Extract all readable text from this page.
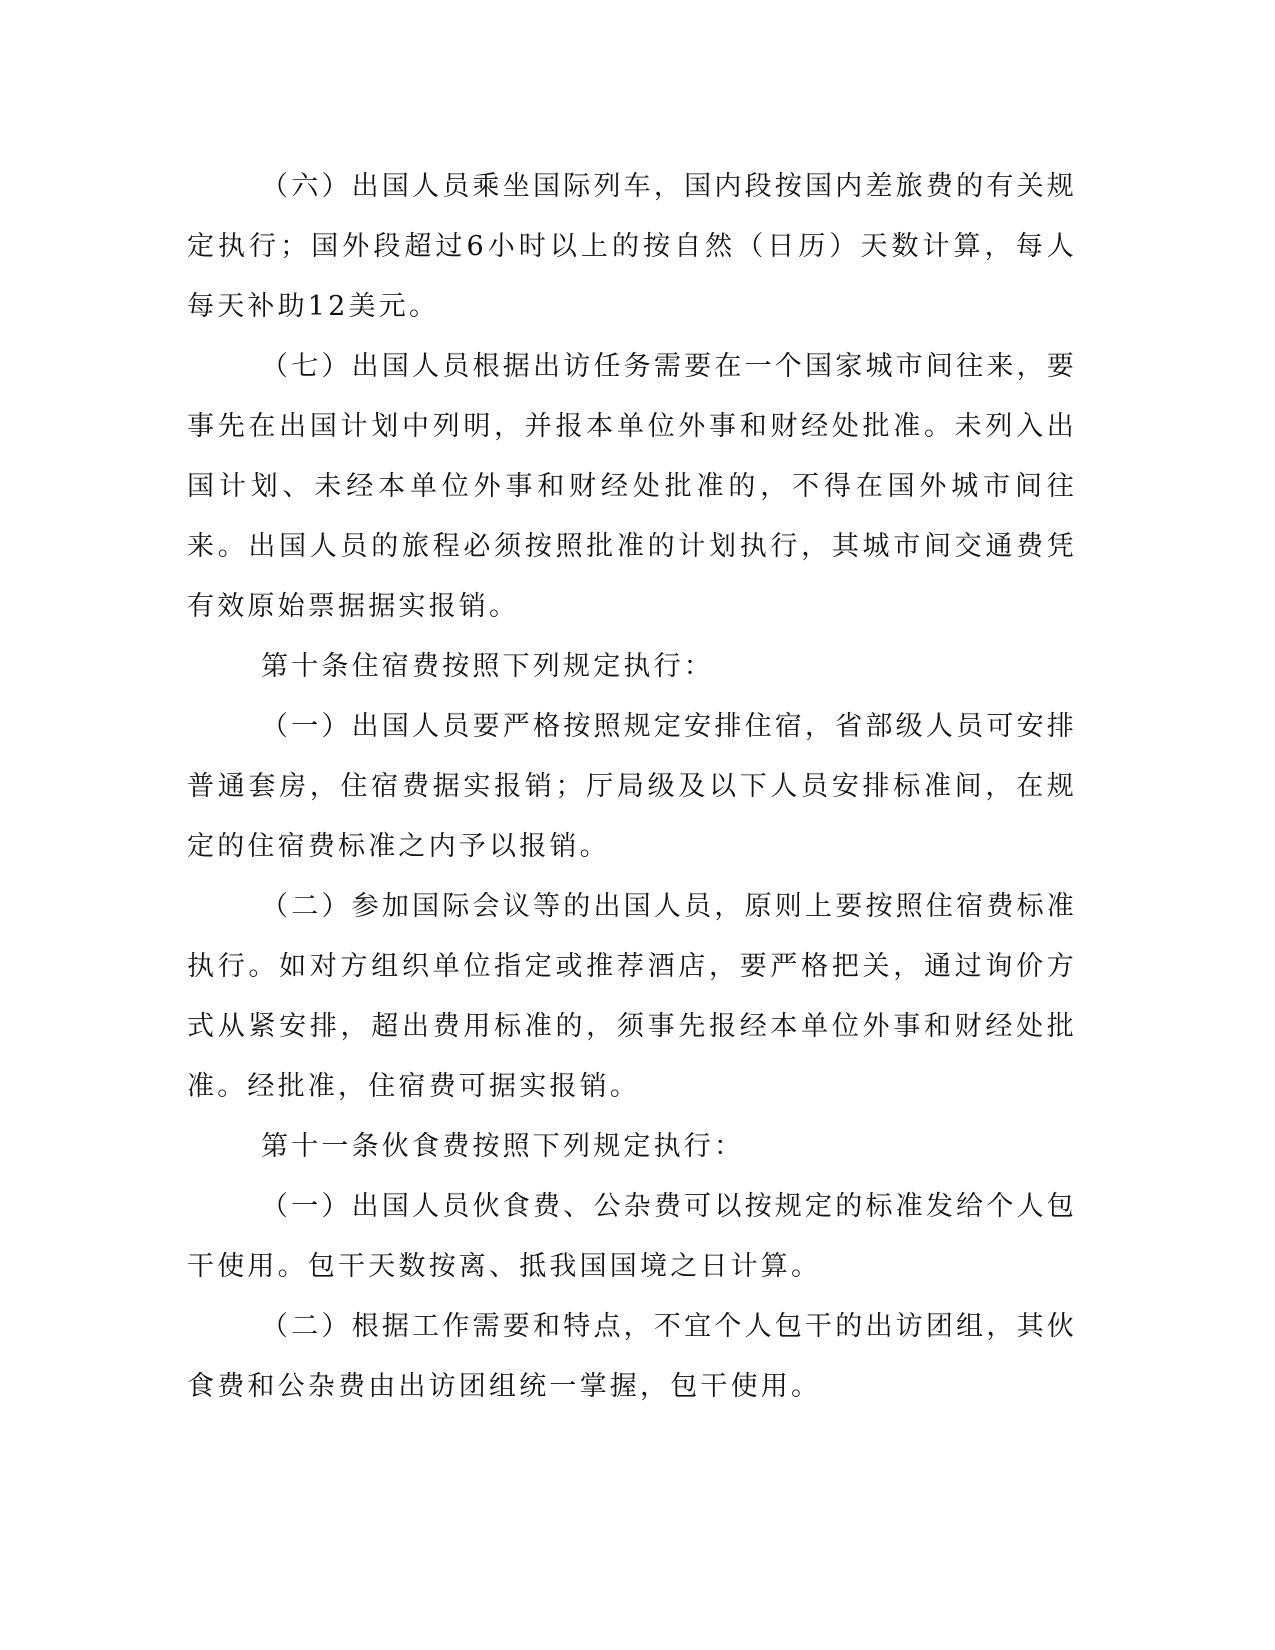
（六）出国人员乘坐国际列车，国内段按国内差旅费的有关规定执行；国外段超过6小时以上的按自然（日历）天数计算，每人每天补助12美元。

（七）出国人员根据出访任务需要在一个国家城市间往来，要事先在出国计划中列明，并报本单位外事和财经处批准。未列入出国计划、未经本单位外事和财经处批准的，不得在国外城市间往来。出国人员的旅程必须按照批准的计划执行，其城市间交通费凭有效原始票据据实报销。

第十条住宿费按照下列规定执行：

（一）出国人员要严格按照规定安排住宿，省部级人员可安排普通套房，住宿费据实报销；厅局级及以下人员安排标准间，在规定的住宿费标准之内予以报销。

（二）参加国际会议等的出国人员，原则上要按照住宿费标准执行。如对方组织单位指定或推荐酒店，要严格把关，通过询价方式从紧安排，超出费用标准的，须事先报经本单位外事和财经处批准。经批准，住宿费可据实报销。

第十一条伙食费按照下列规定执行：

（一）出国人员伙食费、公杂费可以按规定的标准发给个人包干使用。包干天数按离、抵我国国境之日计算。

（二）根据工作需要和特点，不宜个人包干的出访团组，其伙食费和公杂费由出访团组统一掌握，包干使用。
